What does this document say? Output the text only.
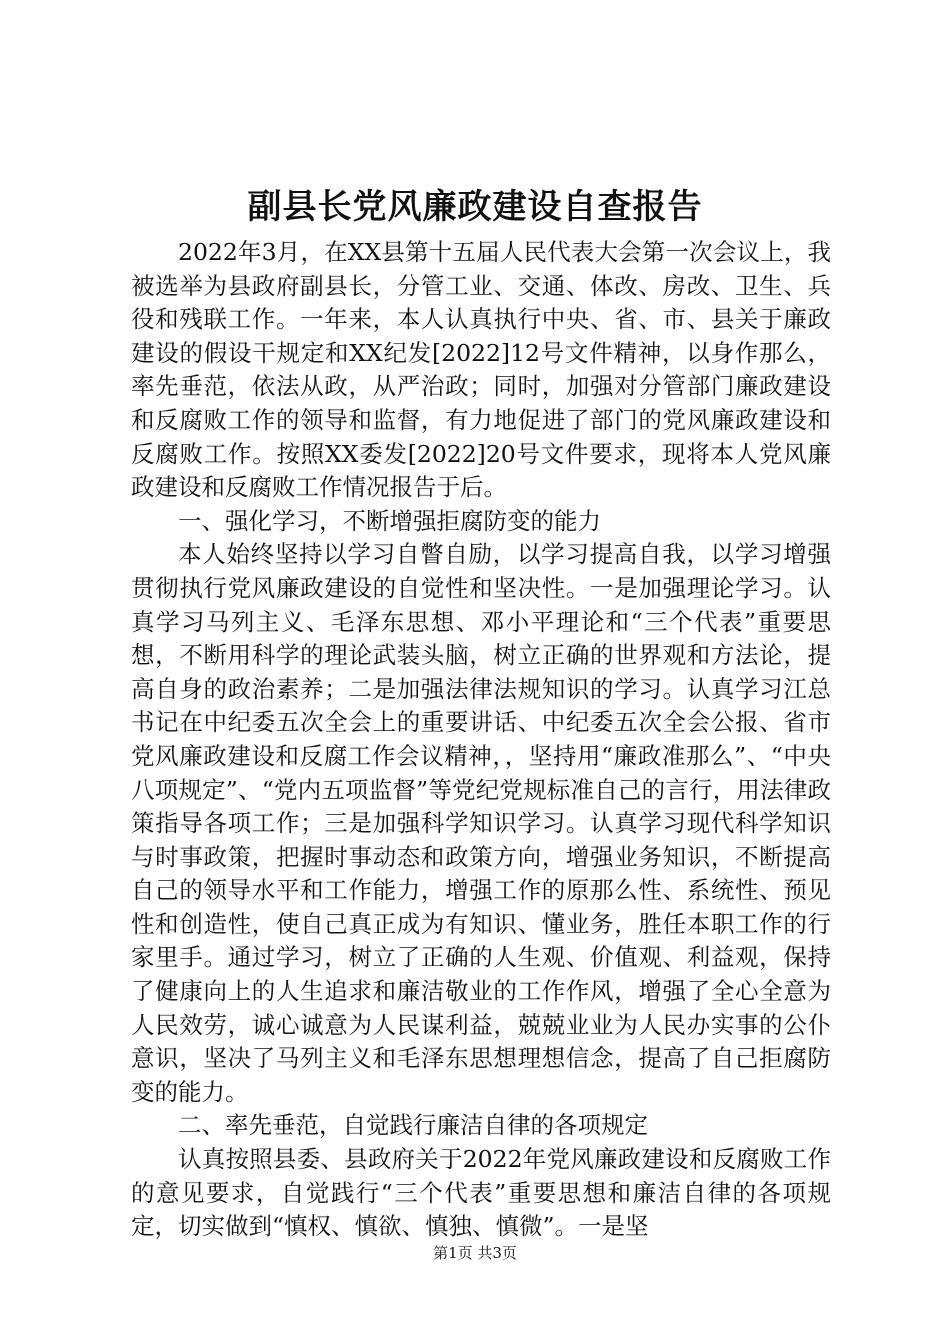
副县长党风廉政建设自查报告

2022年3月，在XX县第十五届人民代表大会第一次会议上，我被选举为县政府副县长，分管工业、交通、体改、房改、卫生、兵役和残联工作。一年来，本人认真执行中央、省、市、县关于廉政建设的假设干规定和XX纪发[2022]12号文件精神，以身作那么，率先垂范，依法从政，从严治政；同时，加强对分管部门廉政建设和反腐败工作的领导和监督，有力地促进了部门的党风廉政建设和反腐败工作。按照XX委发[2022]20号文件要求，现将本人党风廉政建设和反腐败工作情况报告于后。

一、强化学习，不断增强拒腐防变的能力

本人始终坚持以学习自瞥自励，以学习提高自我，以学习增强贯彻执行党风廉政建设的自觉性和坚决性。一是加强理论学习。认真学习马列主义、毛泽东思想、邓小平理论和“三个代表”重要思想，不断用科学的理论武装头脑，树立正确的世界观和方法论，提高自身的政治素养；二是加强法律法规知识的学习。认真学习江总书记在中纪委五次全会上的重要讲话、中纪委五次全会公报、省市党风廉政建设和反腐工作会议精神，，坚持用“廉政准那么”、“中央八项规定”、“党内五项监督”等党纪党规标准自己的言行，用法律政策指导各项工作；三是加强科学知识学习。认真学习现代科学知识与时事政策，把握时事动态和政策方向，增强业务知识，不断提高自己的领导水平和工作能力，增强工作的原那么性、系统性、预见性和创造性，使自己真正成为有知识、懂业务，胜任本职工作的行家里手。通过学习，树立了正确的人生观、价值观、利益观，保持了健康向上的人生追求和廉洁敬业的工作作风，增强了全心全意为人民效劳，诚心诚意为人民谋利益，兢兢业业为人民办实事的公仆意识，坚决了马列主义和毛泽东思想理想信念，提高了自己拒腐防变的能力。

二、率先垂范，自觉践行廉洁自律的各项规定

认真按照县委、县政府关于2022年党风廉政建设和反腐败工作的意见要求，自觉践行“三个代表”重要思想和廉洁自律的各项规定，切实做到“慎权、慎欲、慎独、慎微”。一是坚

第1页 共3页
